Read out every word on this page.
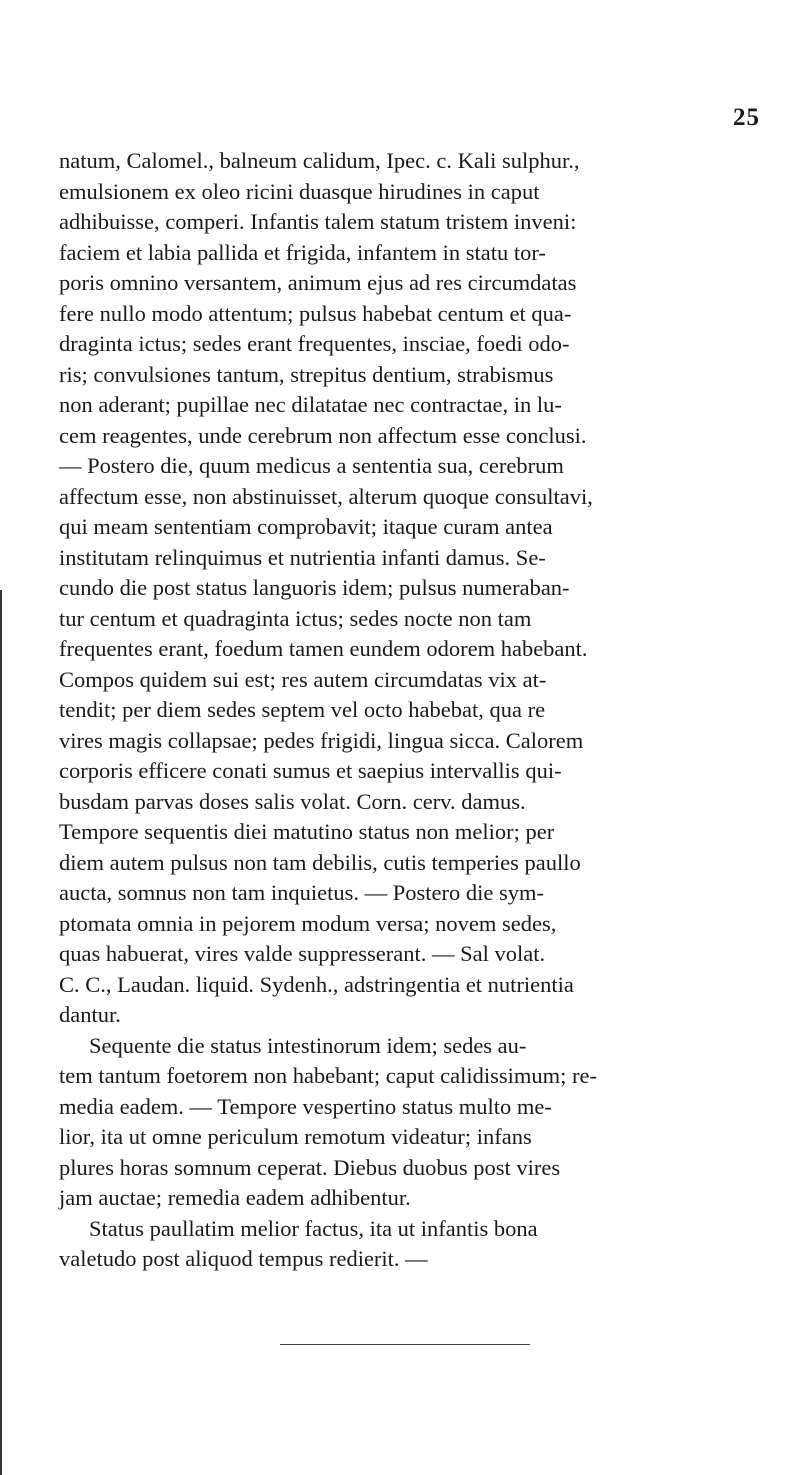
25
natum, Calomel., balneum calidum, Ipec. c. Kali sulphur.,
emulsionem ex oleo ricini duasque hirudines in caput
adhibuisse, comperi. Infantis talem statum tristem inveni:
faciem et labia pallida et frigida, infantem in statu tor-
poris omnino versantem, animum ejus ad res circumdatas
fere nullo modo attentum; pulsus habebat centum et qua-
draginta ictus; sedes erant frequentes, insciae, foedi odo-
ris; convulsiones tantum, strepitus dentium, strabismus
non aderant; pupillae nec dilatatae nec contractae, in lu-
cem reagentes, unde cerebrum non affectum esse conclusi.
— Postero die, quum medicus a sententia sua, cerebrum
affectum esse, non abstinuisset, alterum quoque consultavi,
qui meam sententiam comprobavit; itaque curam antea
institutam relinquimus et nutrientia infanti damus. Se-
cundo die post status languoris idem; pulsus numeraban-
tur centum et quadraginta ictus; sedes nocte non tam
frequentes erant, foedum tamen eundem odorem habebant.
Compos quidem sui est; res autem circumdatas vix at-
tendit; per diem sedes septem vel octo habebat, qua re
vires magis collapsae; pedes frigidi, lingua sicca. Calorem
corporis efficere conati sumus et saepius intervallis qui-
busdam parvas doses salis volat. Corn. cerv. damus.
Tempore sequentis diei matutino status non melior; per
diem autem pulsus non tam debilis, cutis temperies paullo
aucta, somnus non tam inquietus. — Postero die sym-
ptomata omnia in pejorem modum versa; novem sedes,
quas habuerat, vires valde suppresserant. — Sal volat.
C. C., Laudan. liquid. Sydenh., adstringentia et nutrientia
dantur.
Sequente die status intestinorum idem; sedes au-
tem tantum foetorem non habebant; caput calidissimum; re-
media eadem. — Tempore vespertino status multo me-
lior, ita ut omne periculum remotum videatur; infans
plures horas somnum ceperat. Diebus duobus post vires
jam auctae; remedia eadem adhibentur.
Status paullatim melior factus, ita ut infantis bona
valetudo post aliquod tempus redierit. —
